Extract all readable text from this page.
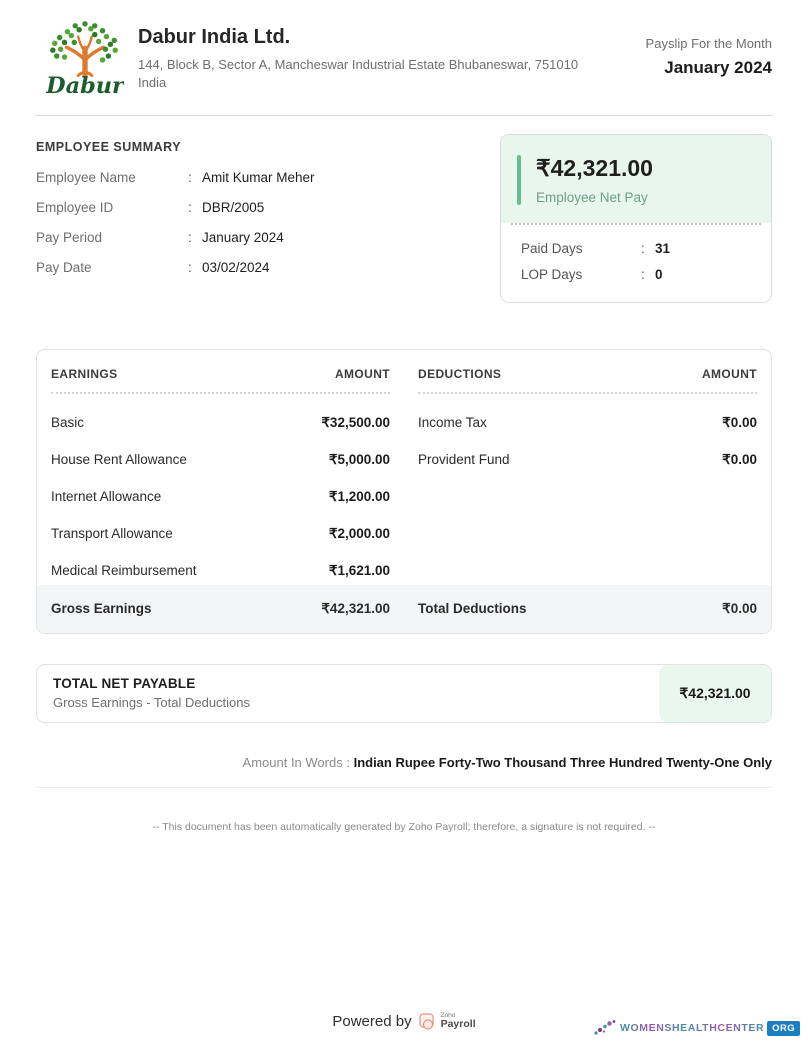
Dabur
Dabur India Ltd.
144, Block B, Sector A, Mancheswar Industrial Estate Bhubaneswar, 751010
India
Payslip For the Month
January 2024
EMPLOYEE SUMMARY
Employee Name :	Amit Kumar Meher
Employee ID :	DBR/2005
Pay Period :	January 2024
Pay Date :	03/02/2024
₹42,321.00
Employee Net Pay
Paid Days :	31
LOP Days :	0
EARNINGS	AMOUNT
Basic	₹32,500.00
House Rent Allowance	₹5,000.00
Internet Allowance	₹1,200.00
Transport Allowance	₹2,000.00
Medical Reimbursement	₹1,621.00
DEDUCTIONS	AMOUNT
Income Tax	₹0.00
Provident Fund	₹0.00
Gross Earnings	₹42,321.00 Total Deductions	₹0.00
TOTAL NET PAYABLE
Gross Earnings - Total Deductions
₹42,321.00
Amount In Words : Indian Rupee Forty-Two Thousand Three Hundred Twenty-One Only
-- This document has been automatically generated by Zoho Payroll; therefore, a signature is not required. --
Powered by	Zoho
Payroll	WOMENSHEALTHCENTER ORG
